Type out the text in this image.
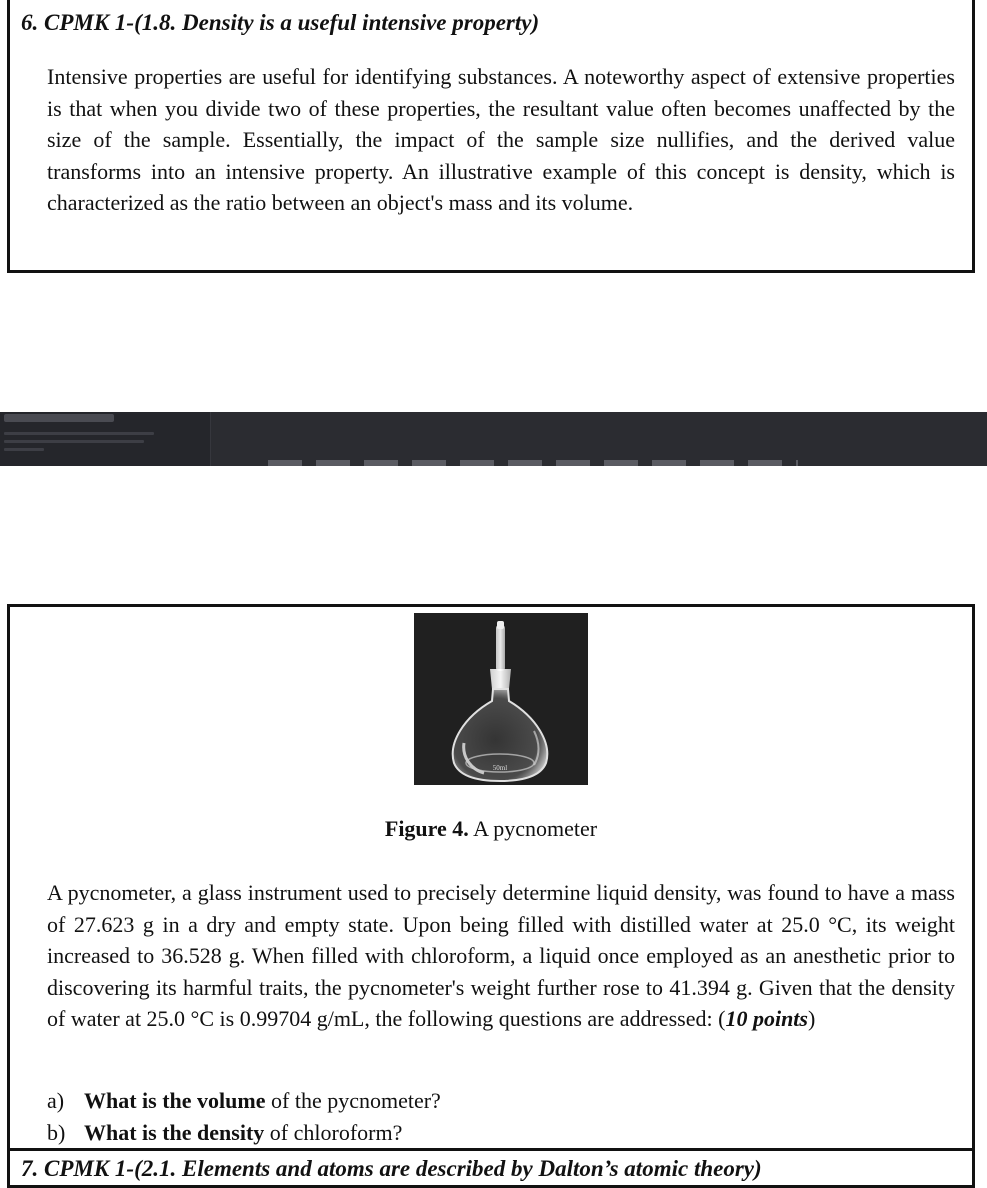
6. CPMK 1-(1.8. Density is a useful intensive property)

Intensive properties are useful for identifying substances. A noteworthy aspect of extensive properties is that when you divide two of these properties, the resultant value often becomes unaffected by the size of the sample. Essentially, the impact of the sample size nullifies, and the derived value transforms into an intensive property. An illustrative example of this concept is density, which is characterized as the ratio between an object's mass and its volume.

50ml

Figure 4. A pycnometer

A pycnometer, a glass instrument used to precisely determine liquid density, was found to have a mass of 27.623 g in a dry and empty state. Upon being filled with distilled water at 25.0 °C, its weight increased to 36.528 g. When filled with chloroform, a liquid once employed as an anesthetic prior to discovering its harmful traits, the pycnometer's weight further rose to 41.394 g. Given that the density of water at 25.0 °C is 0.99704 g/mL, the following questions are addressed: (10 points)

a) What is the volume of the pycnometer?
b) What is the density of chloroform?
7. CPMK 1-(2.1. Elements and atoms are described by Dalton’s atomic theory)
